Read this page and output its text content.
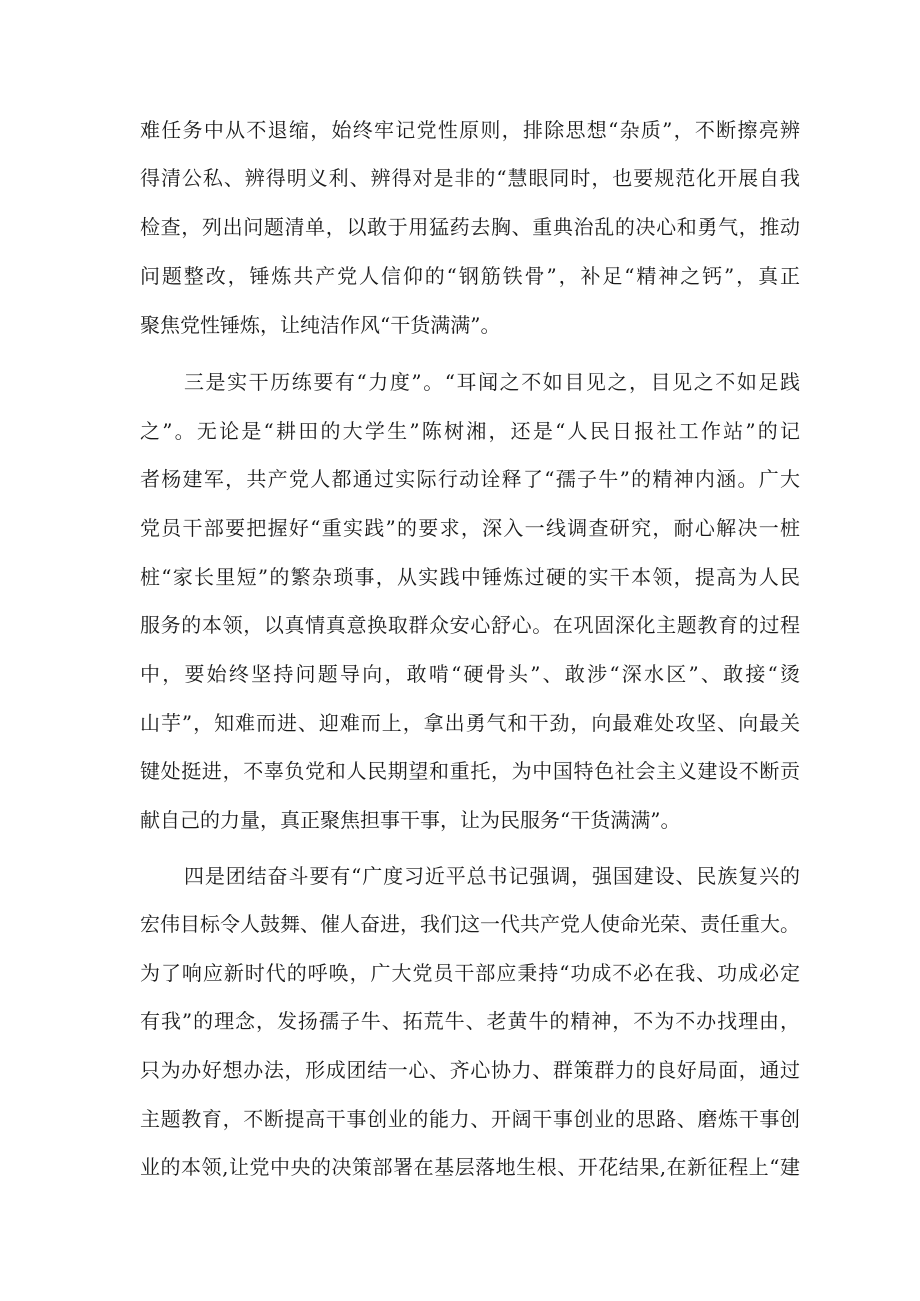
难任务中从不退缩，始终牢记党性原则，排除思想“杂质”，不断擦亮辨
得清公私、辨得明义利、辨得对是非的“慧眼同时，也要规范化开展自我
检查，列出问题清单，以敢于用猛药去胸、重典治乱的决心和勇气，推动
问题整改，锤炼共产党人信仰的“钢筋铁骨”，补足“精神之钙”，真正
聚焦党性锤炼，让纯洁作风“干货满满”。
三是实干历练要有“力度”。“耳闻之不如目见之，目见之不如足践
之”。无论是“耕田的大学生”陈树湘，还是“人民日报社工作站”的记
者杨建军，共产党人都通过实际行动诠释了“孺子牛”的精神内涵。广大
党员干部要把握好“重实践”的要求，深入一线调查研究，耐心解决一桩
桩“家长里短”的繁杂琐事，从实践中锤炼过硬的实干本领，提高为人民
服务的本领，以真情真意换取群众安心舒心。在巩固深化主题教育的过程
中，要始终坚持问题导向，敢啃“硬骨头”、敢涉“深水区”、敢接“烫
山芋”，知难而进、迎难而上，拿出勇气和干劲，向最难处攻坚、向最关
键处挺进，不辜负党和人民期望和重托，为中国特色社会主义建设不断贡
献自己的力量，真正聚焦担事干事，让为民服务“干货满满”。
四是团结奋斗要有“广度习近平总书记强调，强国建设、民族复兴的
宏伟目标令人鼓舞、催人奋进，我们这一代共产党人使命光荣、责任重大。
为了响应新时代的呼唤，广大党员干部应秉持“功成不必在我、功成必定
有我”的理念，发扬孺子牛、拓荒牛、老黄牛的精神，不为不办找理由，
只为办好想办法，形成团结一心、齐心协力、群策群力的良好局面，通过
主题教育，不断提高干事创业的能力、开阔干事创业的思路、磨炼干事创
业的本领,让党中央的决策部署在基层落地生根、开花结果,在新征程上“建
